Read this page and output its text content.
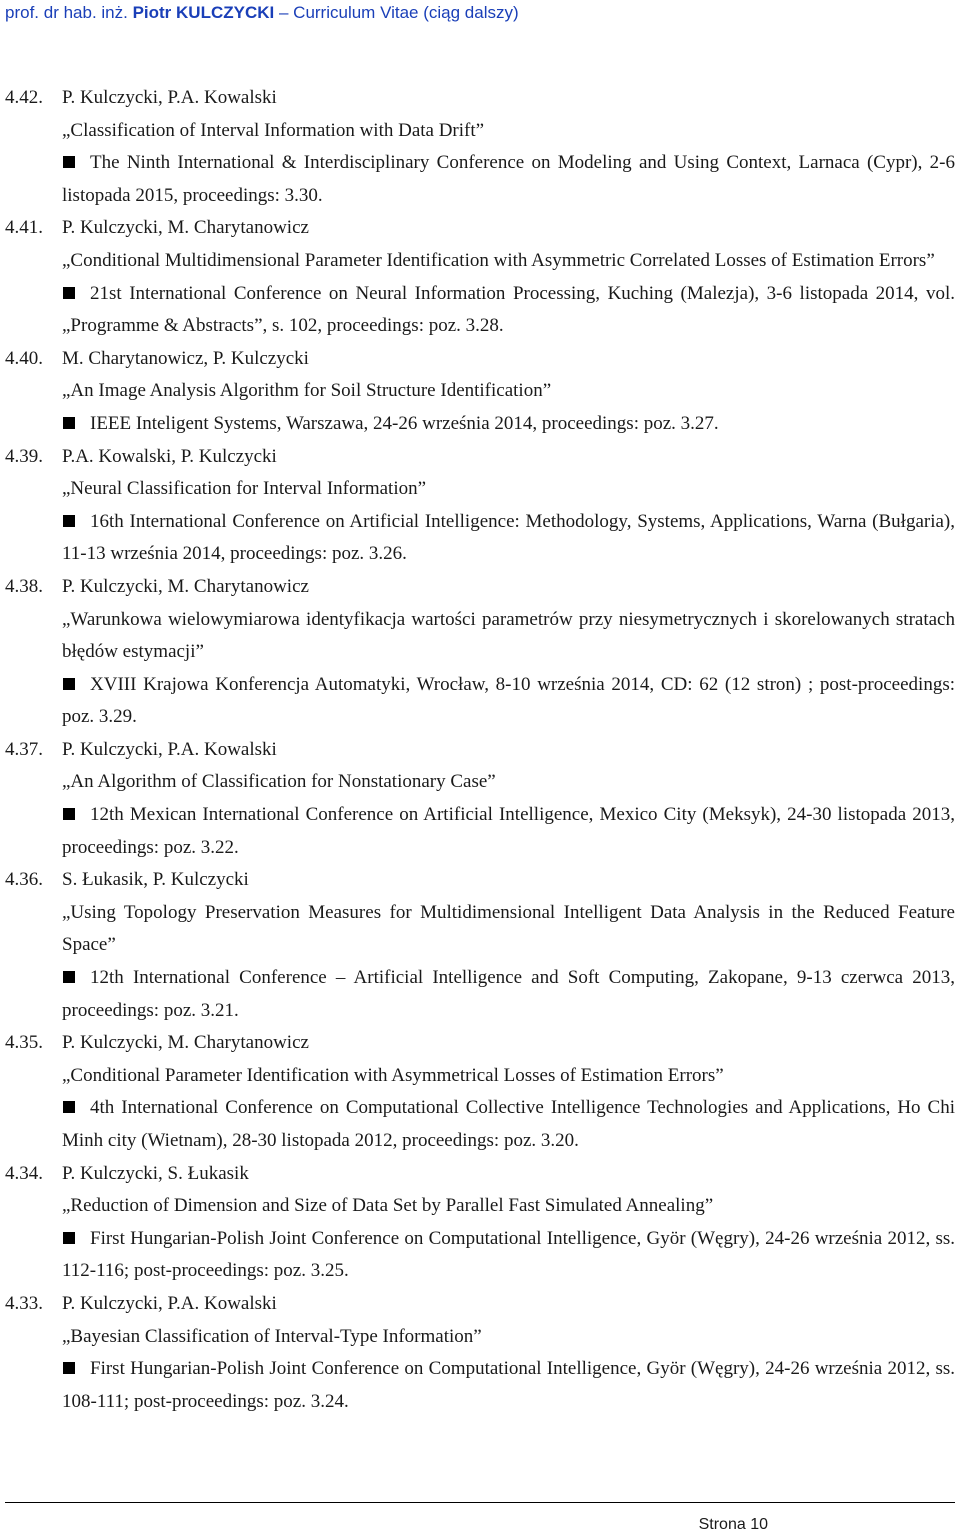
prof. dr hab. inż. Piotr KULCZYCKI – Curriculum Vitae (ciąg dalszy)
4.42.	P. Kulczycki, P.A. Kowalski
„Classification of Interval Information with Data Drift”
The Ninth International & Interdisciplinary Conference on Modeling and Using Context, Larnaca (Cypr), 2-6 listopada 2015, proceedings: 3.30.
4.41.	P. Kulczycki, M. Charytanowicz
„Conditional Multidimensional Parameter Identification with Asymmetric Correlated Losses of Estimation Errors”
21st International Conference on Neural Information Processing, Kuching (Malezja), 3-6 listopada 2014, vol. „Programme & Abstracts”, s. 102, proceedings: poz. 3.28.
4.40.	M. Charytanowicz, P. Kulczycki
„An Image Analysis Algorithm for Soil Structure Identification”
IEEE Inteligent Systems, Warszawa, 24-26 września 2014, proceedings: poz. 3.27.
4.39.	P.A. Kowalski, P. Kulczycki
„Neural Classification for Interval Information”
16th International Conference on Artificial Intelligence: Methodology, Systems, Applications, Warna (Bułgaria), 11-13 września 2014, proceedings: poz. 3.26.
4.38.	P. Kulczycki, M. Charytanowicz
„Warunkowa wielowymiarowa identyfikacja wartości parametrów przy niesymetrycznych i skorelowanych stratach błędów estymacji”
XVIII Krajowa Konferencja Automatyki, Wrocław, 8-10 września 2014, CD: 62 (12 stron) ; post-proceedings: poz. 3.29.
4.37.	P. Kulczycki, P.A. Kowalski
„An Algorithm of Classification for Nonstationary Case”
12th Mexican International Conference on Artificial Intelligence, Mexico City (Meksyk), 24-30 listopada 2013, proceedings: poz. 3.22.
4.36.	S. Łukasik, P. Kulczycki
„Using Topology Preservation Measures for Multidimensional Intelligent Data Analysis in the Reduced Feature Space”
12th International Conference – Artificial Intelligence and Soft Computing, Zakopane, 9-13 czerwca 2013, proceedings: poz. 3.21.
4.35.	P. Kulczycki, M. Charytanowicz
„Conditional Parameter Identification with Asymmetrical Losses of Estimation Errors”
4th International Conference on Computational Collective Intelligence Technologies and Applications, Ho Chi Minh city (Wietnam), 28-30 listopada 2012, proceedings: poz. 3.20.
4.34.	P. Kulczycki, S. Łukasik
„Reduction of Dimension and Size of Data Set by Parallel Fast Simulated Annealing”
First Hungarian-Polish Joint Conference on Computational Intelligence, Györ (Węgry), 24-26 września 2012, ss. 112-116; post-proceedings: poz. 3.25.
4.33.	P. Kulczycki, P.A. Kowalski
„Bayesian Classification of Interval-Type Information”
First Hungarian-Polish Joint Conference on Computational Intelligence, Györ (Węgry), 24-26 września 2012, ss. 108-111; post-proceedings: poz. 3.24.
Strona 10
